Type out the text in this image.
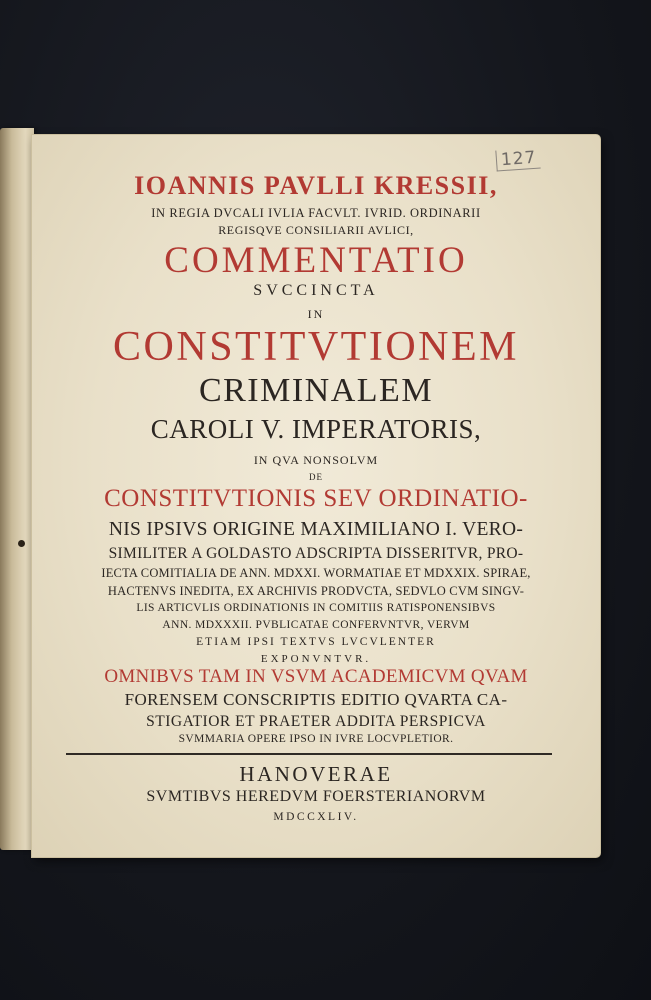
127
IOANNIS PAVLLI KRESSII,
IN REGIA DVCALI IVLIA FACVLT. IVRID. ORDINARII
REGISQVE CONSILIARII AVLICI,
COMMENTATIO
SVCCINCTA
IN
CONSTITVTIONEM
CRIMINALEM
CAROLI V. IMPERATORIS,
IN QVA NONSOLVM
DE
CONSTITVTIONIS SEV ORDINATIO-
NIS IPSIVS ORIGINE MAXIMILIANO I. VERO-
SIMILITER A GOLDASTO ADSCRIPTA DISSERITVR, PRO-
IECTA COMITIALIA DE ANN. MDXXI. WORMATIAE ET MDXXIX. SPIRAE,
HACTENVS INEDITA, EX ARCHIVIS PRODVCTA, SEDVLO CVM SINGV-
LIS ARTICVLIS ORDINATIONIS IN COMITIIS RATISPONENSIBVS
ANN. MDXXXII. PVBLICATAE CONFERVNTVR, VERVM
ETIAM IPSI TEXTVS LVCVLENTER
EXPONVNTVR.
OMNIBVS TAM IN VSVM ACADEMICVM QVAM
FORENSEM CONSCRIPTIS EDITIO QVARTA CA-
STIGATIOR ET PRAETER ADDITA PERSPICVA
SVMMARIA OPERE IPSO IN IVRE LOCVPLETIOR.
HANOVERAE
SVMTIBVS HEREDVM FOERSTERIANORVM
MDCCXLIV.
